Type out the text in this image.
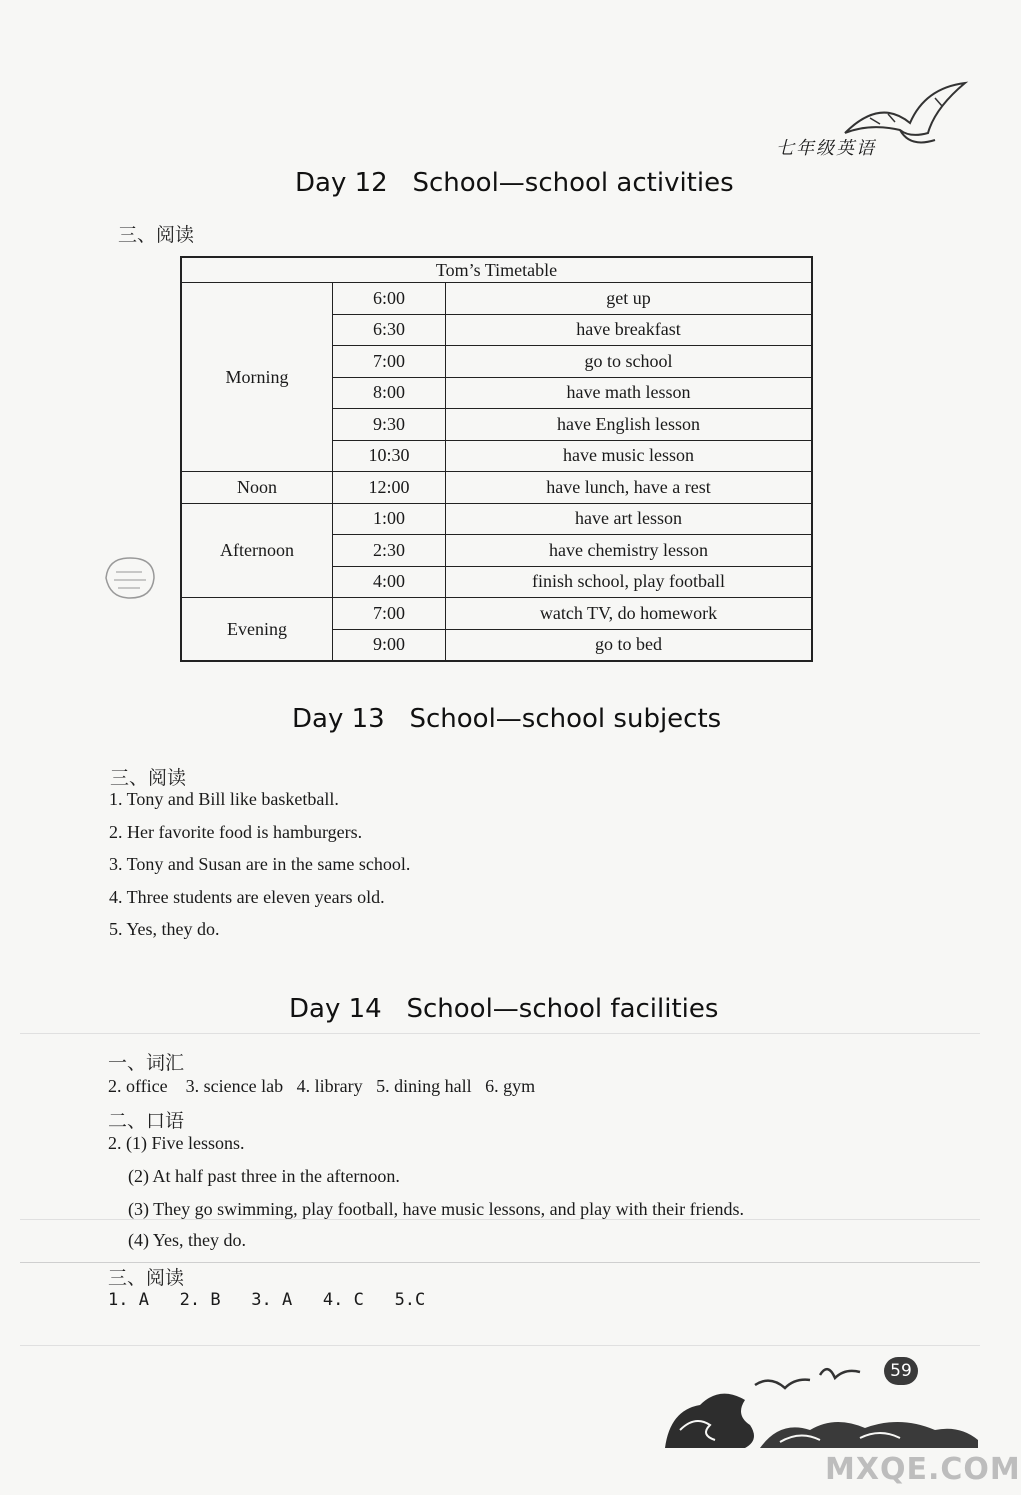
七年级英语
Day 12   School—school activities
三、阅读
Tom’s Timetable		
Morning	6:00	get up
	6:30	have breakfast
	7:00	go to school
	8:00	have math lesson
	9:30	have English lesson
	10:30	have music lesson
Noon	12:00	have lunch, have a rest
Afternoon	1:00	have art lesson
	2:30	have chemistry lesson
	4:00	finish school, play football
Evening	7:00	watch TV, do homework
	9:00	go to bed
Day 13   School—school subjects
三、阅读
1. Tony and Bill like basketball.
2. Her favorite food is hamburgers.
3. Tony and Susan are in the same school.
4. Three students are eleven years old.
5. Yes, they do.
Day 14   School—school facilities
一、词汇
2. office    3. science lab   4. library   5. dining hall   6. gym
二、口语
2. (1) Five lessons.
(2) At half past three in the afternoon.
(3) They go swimming, play football, have music lessons, and play with their friends.
(4) Yes, they do.
三、阅读
1. A   2. B   3. A   4. C   5.C
59
MXQE.COM
